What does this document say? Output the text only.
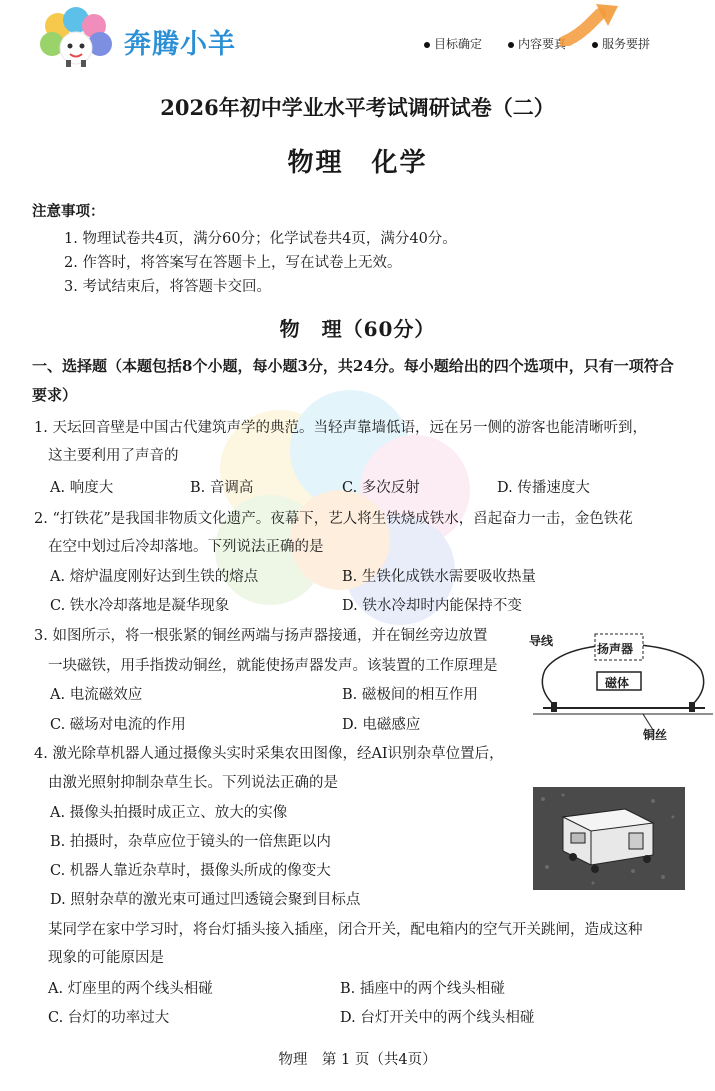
奔腾小羊	目标确定	内容要真	服务要拼
2026年初中学业水平考试调研试卷（二）
物理　化学
注意事项：
1. 物理试卷共4页，满分60分；化学试卷共4页，满分40分。
2. 作答时，将答案写在答题卡上，写在试卷上无效。
3. 考试结束后，将答题卡交回。
物　理（60分）
一、选择题（本题包括8个小题，每小题3分，共24分。每小题给出的四个选项中，只有一项符合
要求）
1. 天坛回音壁是中国古代建筑声学的典范。当轻声靠墙低语，远在另一侧的游客也能清晰听到，
这主要利用了声音的
A. 响度大	B. 音调高	C. 多次反射	D. 传播速度大
2. “打铁花”是我国非物质文化遗产。夜幕下，艺人将生铁烧成铁水，舀起奋力一击，金色铁花
在空中划过后冷却落地。下列说法正确的是
A. 熔炉温度刚好达到生铁的熔点	B. 生铁化成铁水需要吸收热量
C. 铁水冷却落地是凝华现象	D. 铁水冷却时内能保持不变
3. 如图所示，将一根张紧的铜丝两端与扬声器接通，并在铜丝旁边放置
一块磁铁，用手指拨动铜丝，就能使扬声器发声。该装置的工作原理是
A. 电流磁效应	B. 磁极间的相互作用
C. 磁场对电流的作用	D. 电磁感应
导线
扬声器
磁体
铜丝
4. 激光除草机器人通过摄像头实时采集农田图像，经AI识别杂草位置后，
由激光照射抑制杂草生长。下列说法正确的是
A. 摄像头拍摄时成正立、放大的实像
B. 拍摄时，杂草应位于镜头的一倍焦距以内
C. 机器人靠近杂草时，摄像头所成的像变大
D. 照射杂草的激光束可通过凹透镜会聚到目标点
某同学在家中学习时，将台灯插头接入插座，闭合开关，配电箱内的空气开关跳闸，造成这种
现象的可能原因是
A. 灯座里的两个线头相碰	B. 插座中的两个线头相碰
C. 台灯的功率过大	D. 台灯开关中的两个线头相碰
物理　第 1 页（共4页）
